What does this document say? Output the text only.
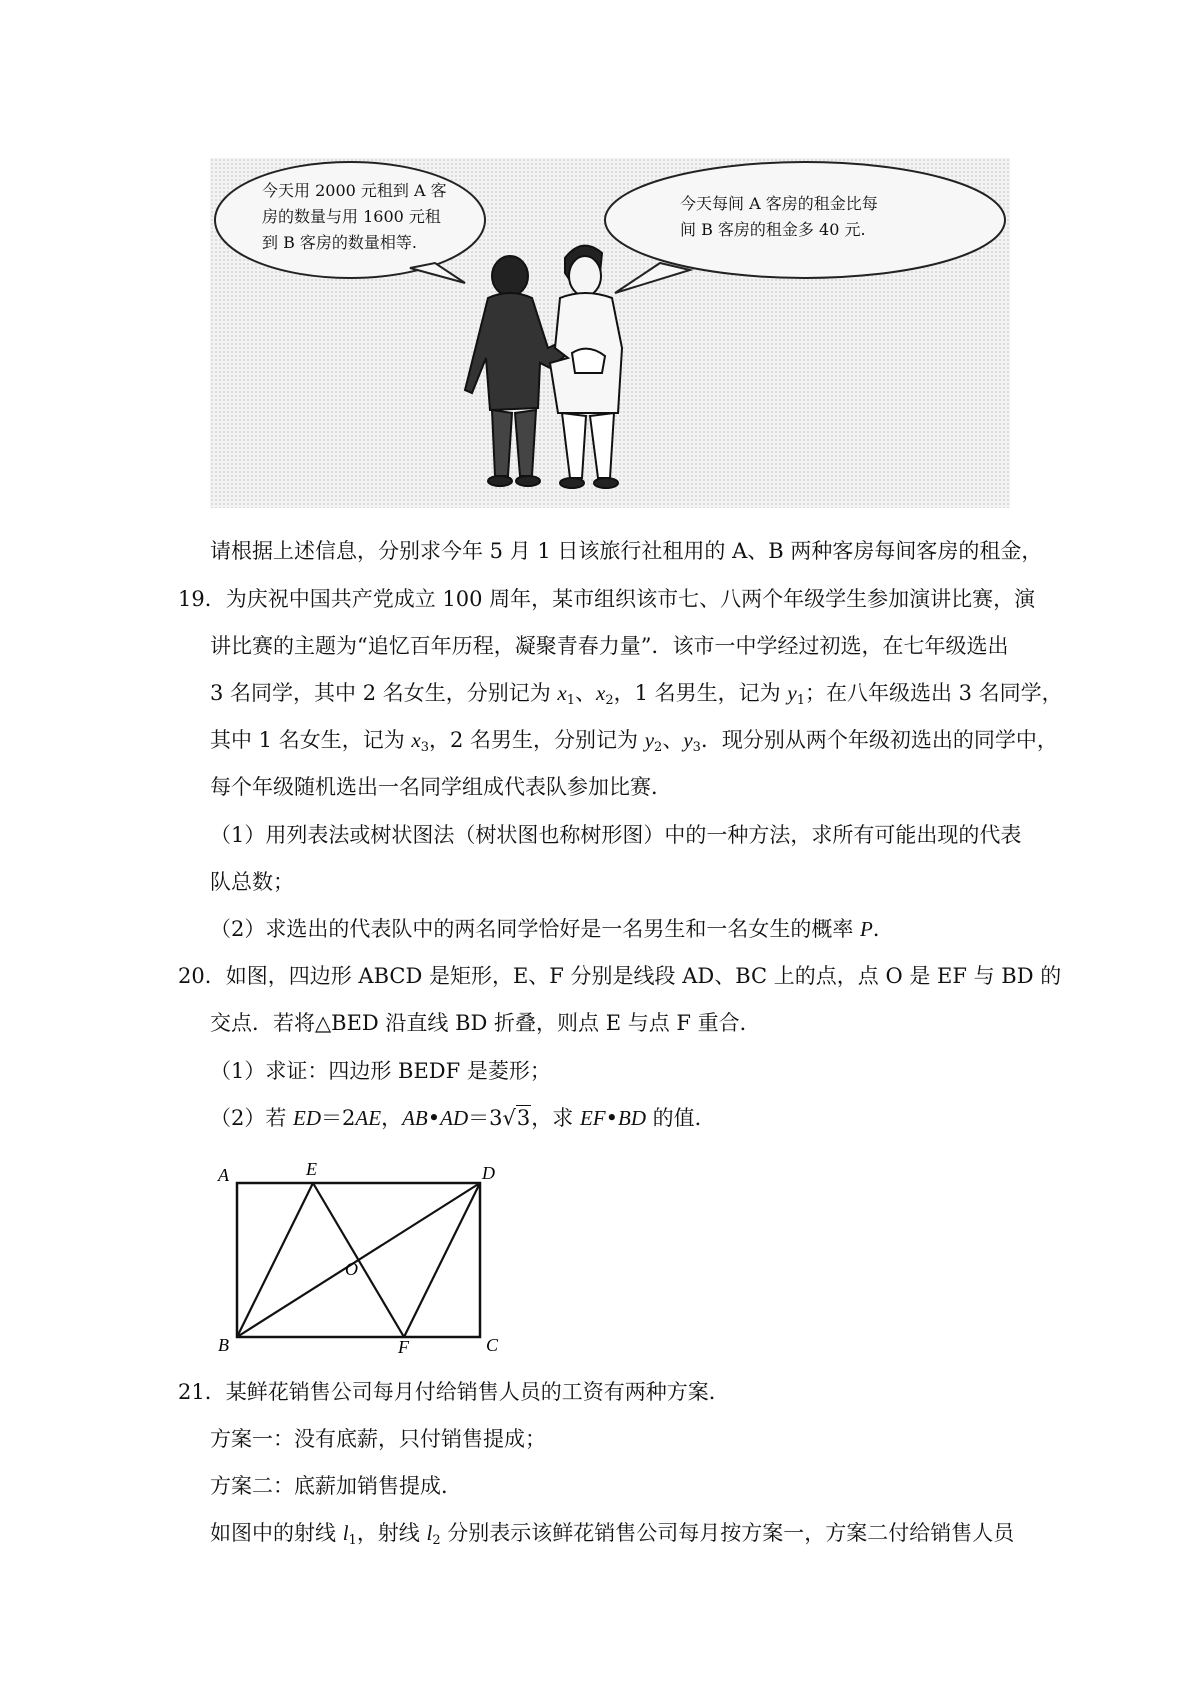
今天用 2000 元租到 A 客
房的数量与用 1600 元租
到 B 客房的数量相等.
今天每间 A 客房的租金比每
间 B 客房的租金多 40 元.
请根据上述信息，分别求今年 5 月 1 日该旅行社租用的 A、B 两种客房每间客房的租金，
19．为庆祝中国共产党成立 100 周年，某市组织该市七、八两个年级学生参加演讲比赛，演
讲比赛的主题为“追忆百年历程，凝聚青春力量”．该市一中学经过初选，在七年级选出
3 名同学，其中 2 名女生，分别记为 $x_1$、$x_2$，1 名男生，记为 $y_1$；在八年级选出 3 名同学，
其中 1 名女生，记为 $x_3$，2 名男生，分别记为 $y_2$、$y_3$．现分别从两个年级初选出的同学中，
每个年级随机选出一名同学组成代表队参加比赛．
（1）用列表法或树状图法（树状图也称树形图）中的一种方法，求所有可能出现的代表
队总数；
（2）求选出的代表队中的两名同学恰好是一名男生和一名女生的概率 P．
20．如图，四边形 ABCD 是矩形，E、F 分别是线段 AD、BC 上的点，点 O 是 EF 与 BD 的
交点．若将△BED 沿直线 BD 折叠，则点 E 与点 F 重合．
（1）求证：四边形 BEDF 是菱形；
（2）若 ED＝2AE，AB•AD＝3√3，求 EF•BD 的值．
A	E	D
B	F	C
O
21．某鲜花销售公司每月付给销售人员的工资有两种方案．
方案一：没有底薪，只付销售提成；
方案二：底薪加销售提成．
如图中的射线 $l_1$，射线 $l_2$ 分别表示该鲜花销售公司每月按方案一，方案二付给销售人员
